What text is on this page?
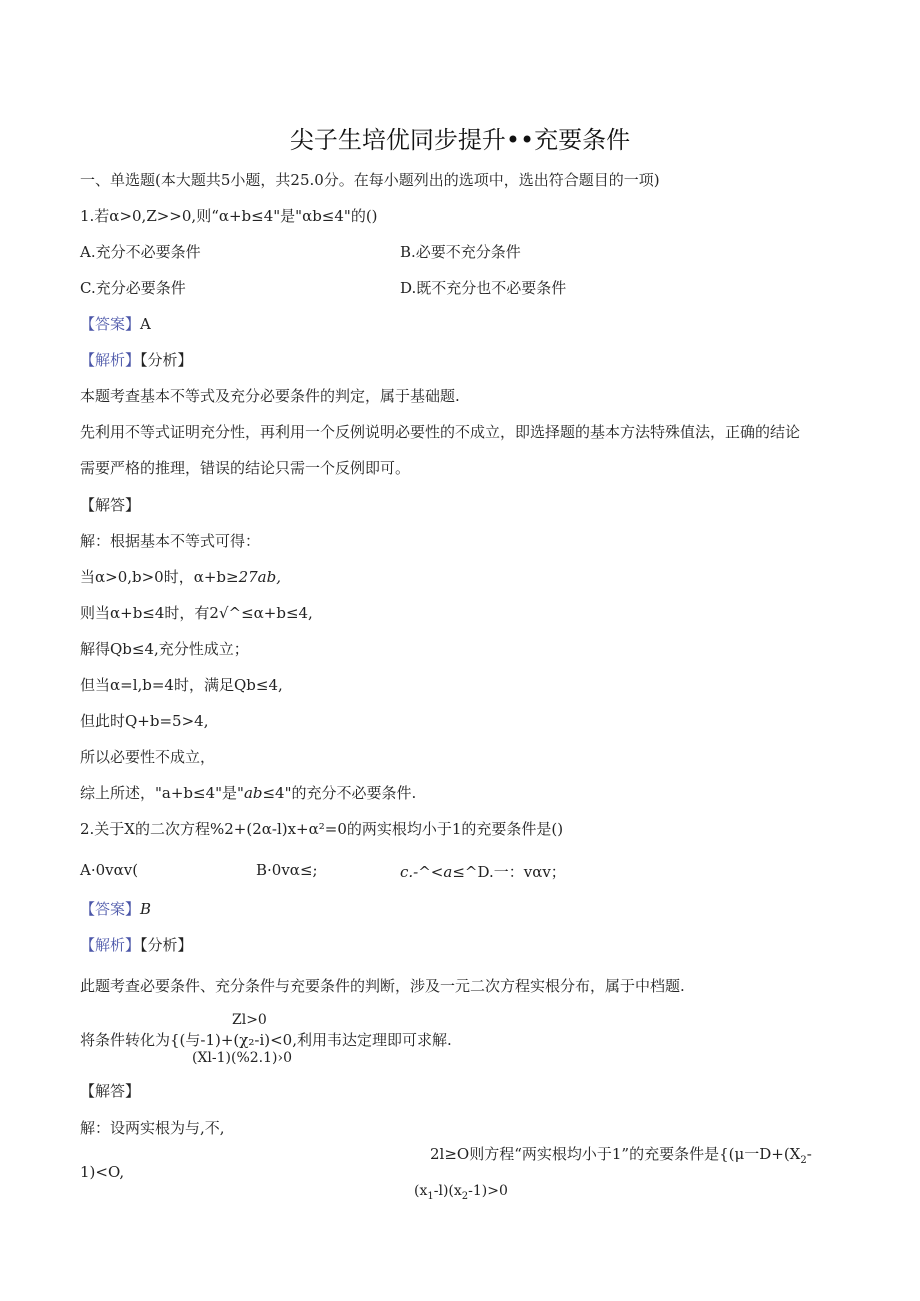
尖子生培优同步提升••充要条件
一、单选题(本大题共5小题，共25.0分。在每小题列出的选项中，选出符合题目的一项)
1.若α>0,Z>>0,则“α+b≤4"是"αb≤4"的()
A.充分不必要条件	B.必要不充分条件
C.充分必要条件	D.既不充分也不必要条件
【答案】A
【解析】【分析】
本题考查基本不等式及充分必要条件的判定，属于基础题.
先利用不等式证明充分性，再利用一个反例说明必要性的不成立，即选择题的基本方法特殊值法，正确的结论
需要严格的推理，错误的结论只需一个反例即可。
【解答】
解：根据基本不等式可得：
当α>0,b>0时，α+b≥27ab,
则当α+b≤4时，有2√^≤α+b≤4,
解得Qb≤4,充分性成立；
但当α=l,b=4时，满足Qb≤4,
但此时Q+b=5>4,
所以必要性不成立，
综上所述，"a+b≤4"是"ab≤4"的充分不必要条件.
2.关于X的二次方程%2+(2α-l)x+α²=0的两实根均小于1的充要条件是()
A·0vαv(	B·0vα≤;	c.-^<a≤^D.一：vαv；
【答案】B
【解析】【分析】
此题考查必要条件、充分条件与充要条件的判断，涉及一元二次方程实根分布，属于中档题.
Zl>0
将条件转化为{(与-1)+(χ₂-i)<0,利用韦达定理即可求解.
(Xl-1)(%2.1)›0
【解答】
解：设两实根为与,不,
2l≥O则方程“两实根均小于1”的充要条件是{(μ一$D+(X_2-$
1)<O,
$(x_1-l)(x_2-1)>0$
